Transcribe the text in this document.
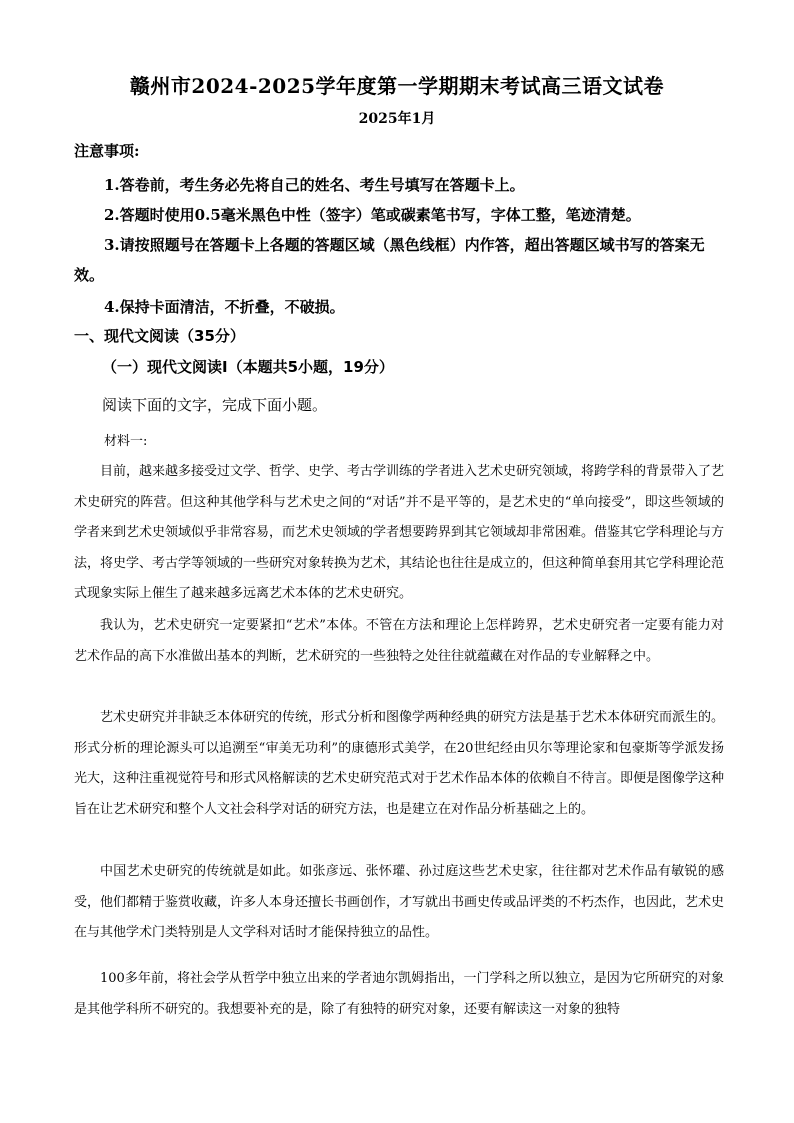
赣州市2024-2025学年度第一学期期末考试高三语文试卷
2025年1月
注意事项:
1.答卷前，考生务必先将自己的姓名、考生号填写在答题卡上。
2.答题时使用0.5毫米黑色中性（签字）笔或碳素笔书写，字体工整，笔迹清楚。
3.请按照题号在答题卡上各题的答题区域（黑色线框）内作答，超出答题区域书写的答案无效。
4.保持卡面清洁，不折叠，不破损。
一、现代文阅读（35分）
（一）现代文阅读Ⅰ（本题共5小题，19分）
阅读下面的文字，完成下面小题。
材料一:

目前，越来越多接受过文学、哲学、史学、考古学训练的学者进入艺术史研究领域，将跨学科的背景带入了艺术史研究的阵营。但这种其他学科与艺术史之间的“对话”并不是平等的，是艺术史的“单向接受”，即这些领域的学者来到艺术史领域似乎非常容易，而艺术史领域的学者想要跨界到其它领域却非常困难。借鉴其它学科理论与方法，将史学、考古学等领域的一些研究对象转换为艺术，其结论也往往是成立的，但这种简单套用其它学科理论范式现象实际上催生了越来越多远离艺术本体的艺术史研究。

我认为，艺术史研究一定要紧扣“艺术”本体。不管在方法和理论上怎样跨界，艺术史研究者一定要有能力对艺术作品的高下水准做出基本的判断，艺术研究的一些独特之处往往就蕴藏在对作品的专业解释之中。

艺术史研究并非缺乏本体研究的传统，形式分析和图像学两种经典的研究方法是基于艺术本体研究而派生的。形式分析的理论源头可以追溯至“审美无功利”的康德形式美学，在20世纪经由贝尔等理论家和包豪斯等学派发扬光大，这种注重视觉符号和形式风格解读的艺术史研究范式对于艺术作品本体的依赖自不待言。即便是图像学这种旨在让艺术研究和整个人文社会科学对话的研究方法，也是建立在对作品分析基础之上的。

中国艺术史研究的传统就是如此。如张彦远、张怀瓘、孙过庭这些艺术史家，往往都对艺术作品有敏锐的感受，他们都精于鉴赏收藏，许多人本身还擅长书画创作，才写就出书画史传或品评类的不朽杰作，也因此，艺术史在与其他学术门类特别是人文学科对话时才能保持独立的品性。

100多年前，将社会学从哲学中独立出来的学者迪尔凯姆指出，一门学科之所以独立，是因为它所研究的对象是其他学科所不研究的。我想要补充的是，除了有独特的研究对象，还要有解读这一对象的独特
